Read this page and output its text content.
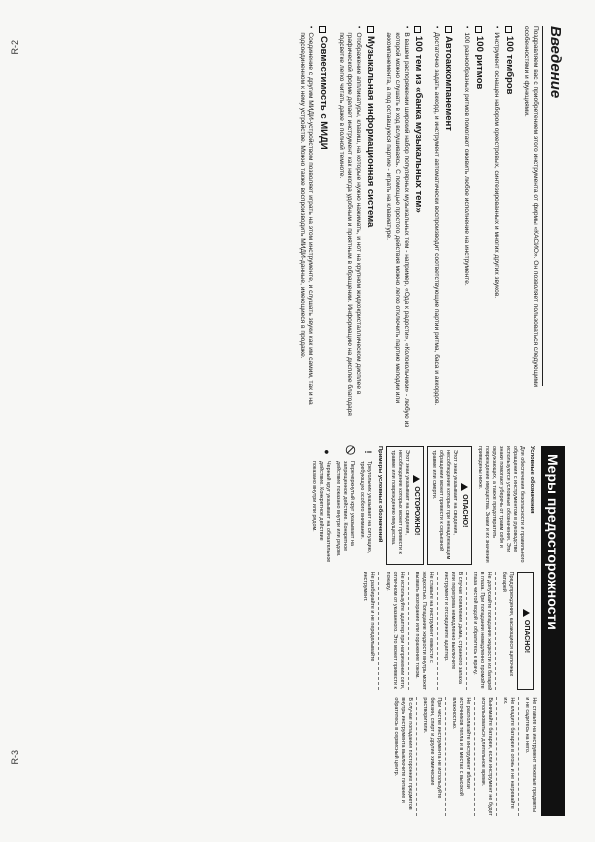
R-2
R-3
Введение

Поздравляем вас с приобретением этого инструмента от фирмы «КАСИО». Он позволяет пользоваться следующими особенностями и функциями.

100 тембров
•
Инструмент оснащен набором оркестровых, синтезированных и многих других звуков.
100 ритмов
•
100 разнообразных ритмов помогают оживить любое исполнение на инструменте.
Автоаккомпанемент
•
Достаточно задать аккорд, и инструмент автоматически воспроизводит соответствующие партии ритма, баса и аккордов.
100 тем из «банка музыкальных тем»
•
В вашем распоряжении широкий набор популярных музыкальных тем - например, «Ода к радости», «Колокольчики» - любую из которой можно слушать в ход вслушиваясь. С помощью простого действия можно легко отключить партию мелодии или аккомпанемента, а под оставшуюся партию - играть на клавиатуре.
Музыкальная информационная система
•
Отображение аппликатуры, клавиш, на которые нужно нажимать, и нот на крупном жидкокристаллическом дисплее в графической форме делает инструмент как никогда удобным и приятным в обращении. Информацию на дисплее благодаря подсветке легко читать даже в полной темноте.
Совместимость с МИДИ
•
Соединение с другим МИДИ-устройством позволяет играть на этом инструменте, и слушать звуки как им самим, так и на подсоединенном к нему устройстве. Можно также воспроизводить МИДИ-данные, имеющиеся в продаже.
Меры предосторожности
Условные обозначения

Для обеспечения безопасности и правильного обращения с инструментом в руководстве используются условные обозначения. Эти знаки помогают уберечь от травм себя и окружающих, а также предотвратить повреждение имущества. Знаки и их значения приведены ниже.

ОПАСНО!
Этот знак указывает на сведения, несоблюдение которых при ненадлежащем обращении может привести к серьезной травме или смерти.
ОСТОРОЖНО!
Этот знак указывает на сведения, несоблюдение которых может привести к травме или повреждению имущества.
Примеры условных обозначений
!
Треугольник указывает на ситуацию, требующую особого внимания.
Перечеркнутый круг указывает на запрещенное действие. Конкретное действие показано внутри или рядом.
●
Черный круг указывает на обязательное действие. Конкретное действие показано внутри или рядом.
ОПАСНО!

Предупреждения, касающиеся щелочных батарей

Не допускайте попадания жидкости из батарей в глаза. При попадании немедленно промойте глаза чистой водой и обратитесь к врачу.

В случае появления дыма, странного запаха или перегрева немедленно выключите инструмент и отсоедините адаптер.

Не ставьте на инструмент емкости с жидкостью. Попадание жидкости внутрь может вызвать возгорание или поражение током.

Не используйте адаптер при напряжении сети, отличном от указанного. Это может привести к пожару.

Не разбирайте и не переделывайте инструмент.

Не ставьте на инструмент тяжелые предметы и не садитесь на него.

Не кладите батареи в огонь и не нагревайте их.

Вынимайте батареи, если инструмент не будет использоваться длительное время.

Не располагайте инструмент вблизи источников тепла и в местах с высокой влажностью.

При чистке инструмента не используйте бензин, спирт и другие химические растворители.

В случае попадания посторонних предметов внутрь инструмента выключите питание и обратитесь в сервисный центр.
